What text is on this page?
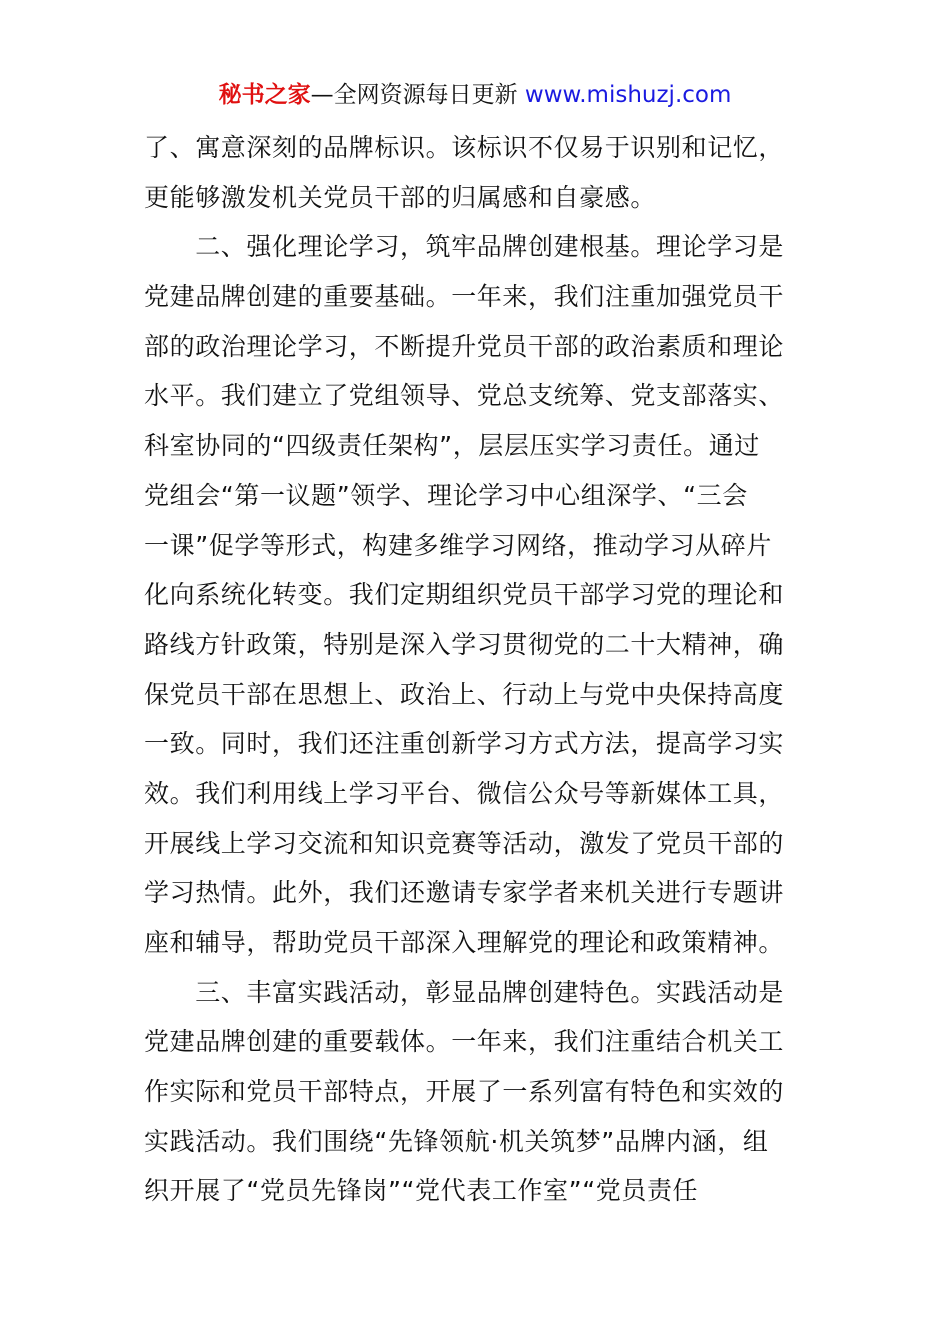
秘书之家—全网资源每日更新 www.mishuzj.com
了、寓意深刻的品牌标识。该标识不仅易于识别和记忆，
更能够激发机关党员干部的归属感和自豪感。
　　二、强化理论学习，筑牢品牌创建根基。理论学习是
党建品牌创建的重要基础。一年来，我们注重加强党员干
部的政治理论学习，不断提升党员干部的政治素质和理论
水平。我们建立了党组领导、党总支统筹、党支部落实、
科室协同的“四级责任架构”，层层压实学习责任。通过
党组会“第一议题”领学、理论学习中心组深学、“三会
一课”促学等形式，构建多维学习网络，推动学习从碎片
化向系统化转变。我们定期组织党员干部学习党的理论和
路线方针政策，特别是深入学习贯彻党的二十大精神，确
保党员干部在思想上、政治上、行动上与党中央保持高度
一致。同时，我们还注重创新学习方式方法，提高学习实
效。我们利用线上学习平台、微信公众号等新媒体工具，
开展线上学习交流和知识竞赛等活动，激发了党员干部的
学习热情。此外，我们还邀请专家学者来机关进行专题讲
座和辅导，帮助党员干部深入理解党的理论和政策精神。
　　三、丰富实践活动，彰显品牌创建特色。实践活动是
党建品牌创建的重要载体。一年来，我们注重结合机关工
作实际和党员干部特点，开展了一系列富有特色和实效的
实践活动。我们围绕“先锋领航·机关筑梦”品牌内涵，组
织开展了“党员先锋岗”“党代表工作室”“党员责任
